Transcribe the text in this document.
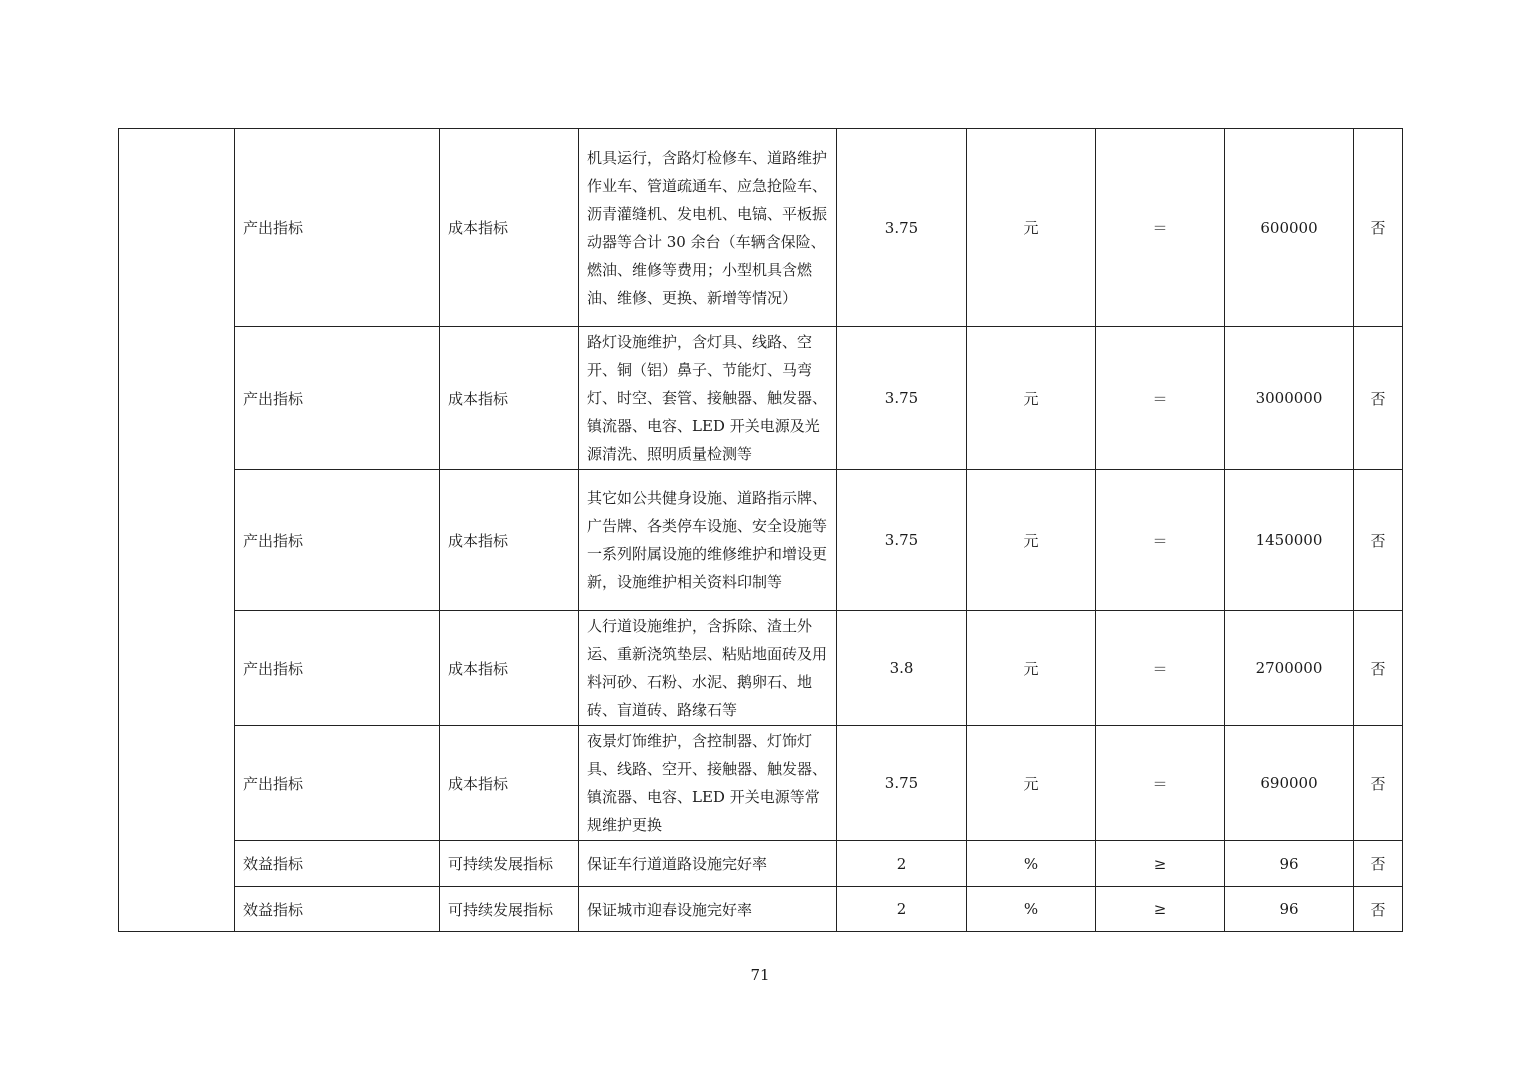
	产出指标	成本指标	机具运行，含路灯检修车、道路维护作业车、管道疏通车、应急抢险车、沥青灌缝机、发电机、电镐、平板振动器等合计 30 余台（车辆含保险、燃油、维修等费用；小型机具含燃油、维修、更换、新增等情况）	3.75	元	＝	600000	否
	产出指标	成本指标	路灯设施维护，含灯具、线路、空开、铜（铝）鼻子、节能灯、马弯灯、时空、套管、接触器、触发器、镇流器、电容、LED 开关电源及光源清洗、照明质量检测等	3.75	元	＝	3000000	否
	产出指标	成本指标	其它如公共健身设施、道路指示牌、广告牌、各类停车设施、安全设施等一系列附属设施的维修维护和增设更新，设施维护相关资料印制等	3.75	元	＝	1450000	否
	产出指标	成本指标	人行道设施维护，含拆除、渣土外运、重新浇筑垫层、粘贴地面砖及用料河砂、石粉、水泥、鹅卵石、地砖、盲道砖、路缘石等	3.8	元	＝	2700000	否
	产出指标	成本指标	夜景灯饰维护，含控制器、灯饰灯具、线路、空开、接触器、触发器、镇流器、电容、LED 开关电源等常规维护更换	3.75	元	＝	690000	否
	效益指标	可持续发展指标	保证车行道道路设施完好率	2	%	≥	96	否
	效益指标	可持续发展指标	保证城市迎春设施完好率	2	%	≥	96	否
71
